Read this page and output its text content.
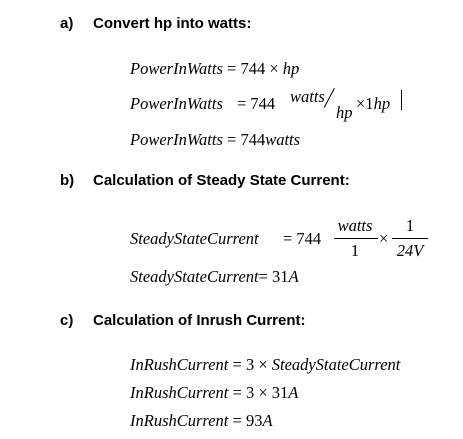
a) Convert hp into watts:
b) Calculation of Steady State Current:
c) Calculation of Inrush Current:
PowerInWatts = 744 × hp
PowerInWatts = 744 watts
hp ×1hp
PowerInWatts = 744watts
SteadyStateCurrent = 744
watts
1
×
1
24V
SteadyStateCurrent= 31A
InRushCurrent = 3 × SteadyStateCurrent
InRushCurrent = 3 × 31A
InRushCurrent = 93A
